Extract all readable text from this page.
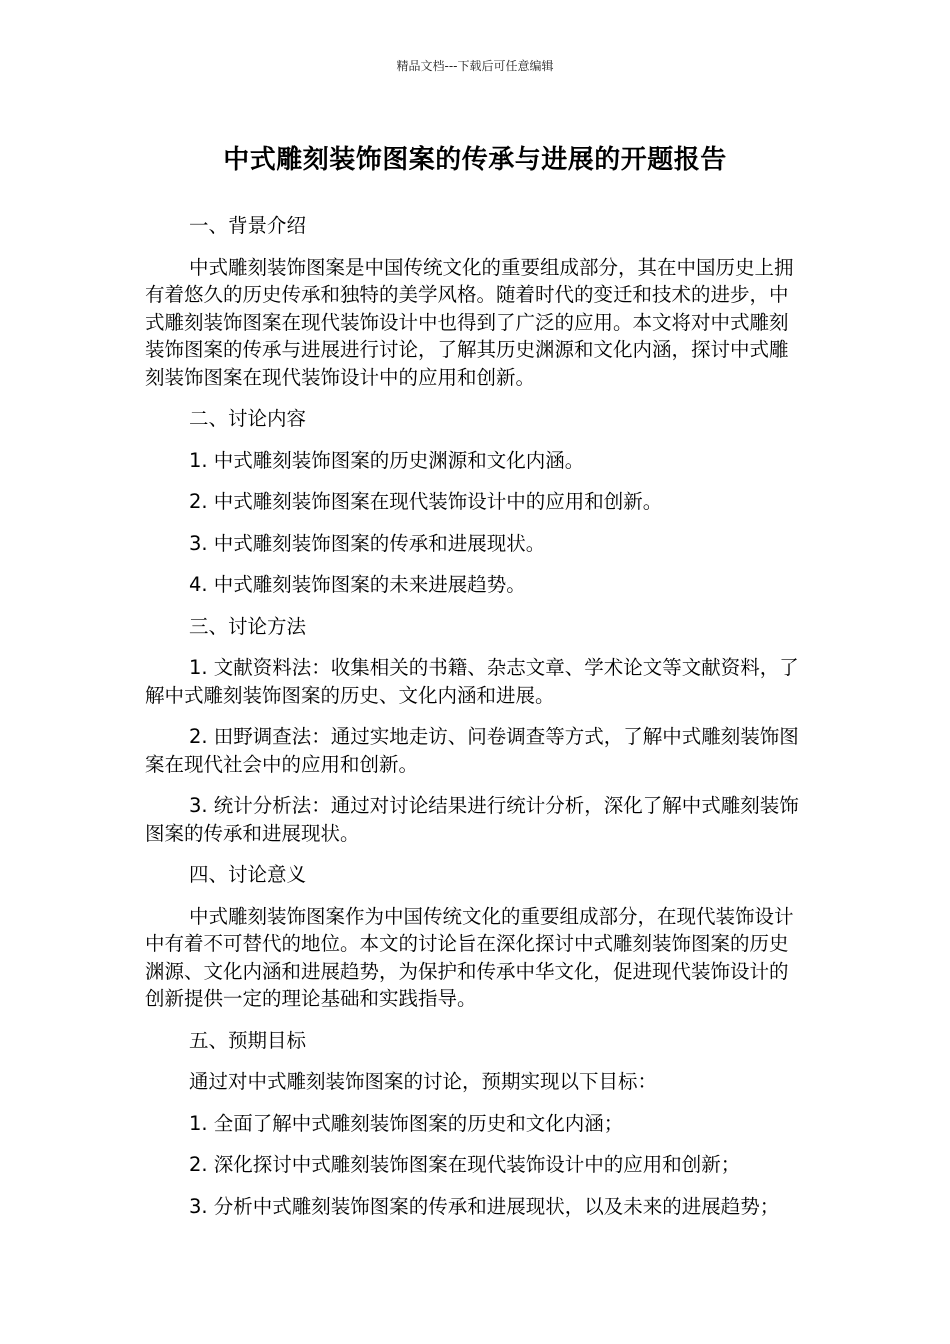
精品文档---下载后可任意编辑
中式雕刻装饰图案的传承与进展的开题报告

一、背景介绍

中式雕刻装饰图案是中国传统文化的重要组成部分，其在中国历史上拥有着悠久的历史传承和独特的美学风格。随着时代的变迁和技术的进步，中式雕刻装饰图案在现代装饰设计中也得到了广泛的应用。本文将对中式雕刻装饰图案的传承与进展进行讨论，了解其历史渊源和文化内涵，探讨中式雕刻装饰图案在现代装饰设计中的应用和创新。

二、讨论内容

1. 中式雕刻装饰图案的历史渊源和文化内涵。

2. 中式雕刻装饰图案在现代装饰设计中的应用和创新。

3. 中式雕刻装饰图案的传承和进展现状。

4. 中式雕刻装饰图案的未来进展趋势。

三、讨论方法

1. 文献资料法：收集相关的书籍、杂志文章、学术论文等文献资料，了解中式雕刻装饰图案的历史、文化内涵和进展。

2. 田野调查法：通过实地走访、问卷调查等方式，了解中式雕刻装饰图案在现代社会中的应用和创新。

3. 统计分析法：通过对讨论结果进行统计分析，深化了解中式雕刻装饰图案的传承和进展现状。

四、讨论意义

中式雕刻装饰图案作为中国传统文化的重要组成部分，在现代装饰设计中有着不可替代的地位。本文的讨论旨在深化探讨中式雕刻装饰图案的历史渊源、文化内涵和进展趋势，为保护和传承中华文化，促进现代装饰设计的创新提供一定的理论基础和实践指导。

五、预期目标

通过对中式雕刻装饰图案的讨论，预期实现以下目标：

1. 全面了解中式雕刻装饰图案的历史和文化内涵；

2. 深化探讨中式雕刻装饰图案在现代装饰设计中的应用和创新；

3. 分析中式雕刻装饰图案的传承和进展现状，以及未来的进展趋势；
